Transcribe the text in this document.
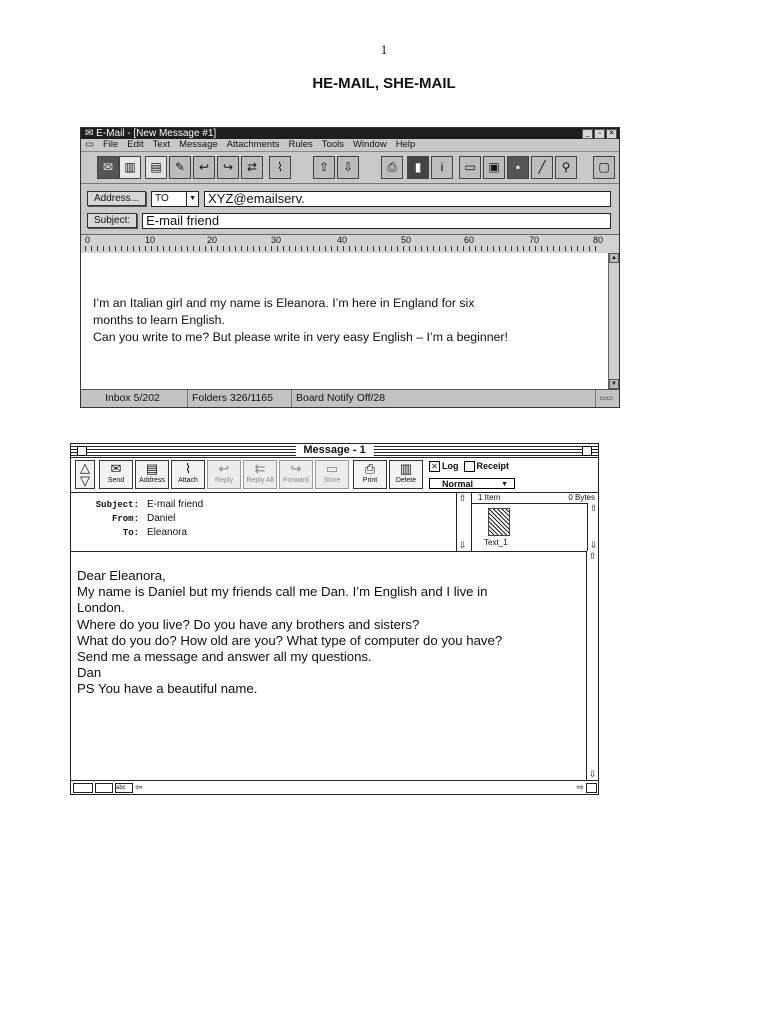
1
HE-MAIL, SHE-MAIL
✉ E-Mail - [New Message #1]	_	▫	✕
▭ File Edit Text Message Attachments Rules Tools Window Help
✉ ▥	▤	✎	↩	↪	⇄	⌇	⇧	⇩	⎙	▮	i	▭	▣	▪	╱	⚲	▢
Address...	TO	▼ XYZ@emailserv.
Subject:	E-mail friend
0	10	20	30	40	50	60	70	80

I’m an Italian girl and my name is Eleanora. I’m here in England for six
months to learn English.
Can you write to me? But please write in very easy English – I’m a beginner!

▲
▼
Inbox 5/202	Folders 326/1165	Board Notify Off/28	▭▭
Message - 1
△
▽
✉
Send
▤
Address
⌇
Attach
↩
Reply
⇇
Reply All
↪
Forward
▭
Store
⎙
Print
▥
Delete
✕ Log Receipt
Normal	▼
Subject: E-mail friend
From: Daniel
To: Eleanora
⇧
⇩
1 Item	0 Bytes
Text_1
⇧
⇩
Dear Eleanora,
My name is Daniel but my friends call me Dan. I’m English and I live in
London.
Where do you live? Do you have any brothers and sisters?
What do you do? How old are you? What type of computer do you have?
Send me a message and answer all my questions.
Dan
PS You have a beautiful name.
⇧
⇩
abc	⇦	⇨
